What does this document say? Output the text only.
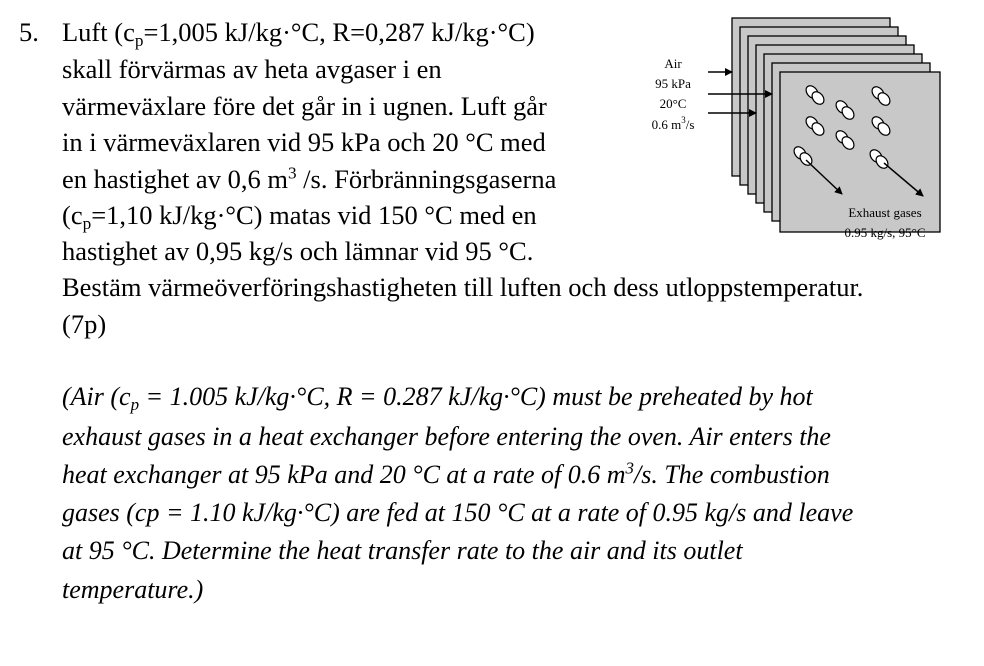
5. Luft ($c_p=1,005$ kJ/kg·°C, R=0,287 kJ/kg·°C)
skall förvärmas av heta avgaser i en
värmeväxlare före det går in i ugnen. Luft går
in i värmeväxlaren vid 95 kPa och 20 °C med
en hastighet av 0,6 $m^3$ /s. Förbränningsgaserna
($c_p=1,10$ kJ/kg·°C) matas vid 150 °C med en
hastighet av 0,95 kg/s och lämnar vid 95 °C.
Bestäm värmeöverföringshastigheten till luften och dess utloppstemperatur.
(7p)
(Air ($c_p = 1.005$ kJ/kg·°C, R = 0.287 kJ/kg·°C) must be preheated by hot
exhaust gases in a heat exchanger before entering the oven. Air enters the
heat exchanger at 95 kPa and 20 °C at a rate of 0.6 $m^3/s$. The combustion
gases (cp = 1.10 kJ/kg·°C) are fed at 150 °C at a rate of 0.95 kg/s and leave
at 95 °C. Determine the heat transfer rate to the air and its outlet
temperature.)
Air
95 kPa
20°C
0.6 $m^3/s$
Exhaust gases
0.95 kg/s, 95°C
